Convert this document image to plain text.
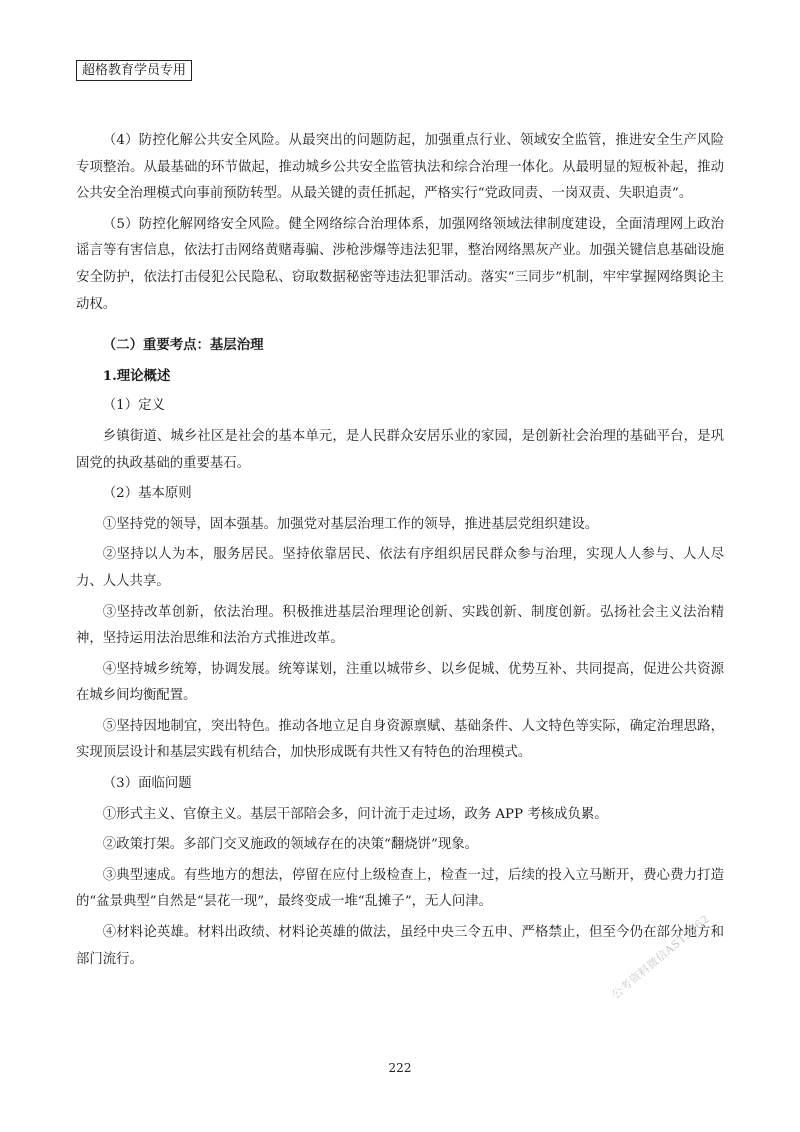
超格教育学员专用

（4）防控化解公共安全风险。从最突出的问题防起，加强重点行业、领域安全监管，推进安全生产风险专项整治。从最基础的环节做起，推动城乡公共安全监管执法和综合治理一体化。从最明显的短板补起，推动公共安全治理模式向事前预防转型。从最关键的责任抓起，严格实行“党政同责、一岗双责、失职追责”。

（5）防控化解网络安全风险。健全网络综合治理体系，加强网络领域法律制度建设，全面清理网上政治谣言等有害信息，依法打击网络黄赌毒骗、涉枪涉爆等违法犯罪，整治网络黑灰产业。加强关键信息基础设施安全防护，依法打击侵犯公民隐私、窃取数据秘密等违法犯罪活动。落实“三同步”机制，牢牢掌握网络舆论主动权。

（二）重要考点：基层治理

1.理论概述

（1）定义

乡镇街道、城乡社区是社会的基本单元，是人民群众安居乐业的家园，是创新社会治理的基础平台，是巩固党的执政基础的重要基石。

（2）基本原则

①坚持党的领导，固本强基。加强党对基层治理工作的领导，推进基层党组织建设。

②坚持以人为本，服务居民。坚持依靠居民、依法有序组织居民群众参与治理，实现人人参与、人人尽力、人人共享。

③坚持改革创新，依法治理。积极推进基层治理理论创新、实践创新、制度创新。弘扬社会主义法治精神，坚持运用法治思维和法治方式推进改革。

④坚持城乡统筹，协调发展。统筹谋划，注重以城带乡、以乡促城、优势互补、共同提高，促进公共资源在城乡间均衡配置。

⑤坚持因地制宜，突出特色。推动各地立足自身资源禀赋、基础条件、人文特色等实际，确定治理思路，实现顶层设计和基层实践有机结合，加快形成既有共性又有特色的治理模式。

（3）面临问题

①形式主义、官僚主义。基层干部陪会多，问计流于走过场，政务 APP 考核成负累。

②政策打架。多部门交叉施政的领域存在的决策“翻烧饼”现象。

③典型速成。有些地方的想法，停留在应付上级检查上，检查一过，后续的投入立马断开，费心费力打造的“盆景典型”自然是“昙花一现”，最终变成一堆“乱摊子”，无人问津。

④材料论英雄。材料出政绩、材料论英雄的做法，虽经中央三令五申、严格禁止，但至今仍在部分地方和部门流行。	公考资料微信AST3962
222
